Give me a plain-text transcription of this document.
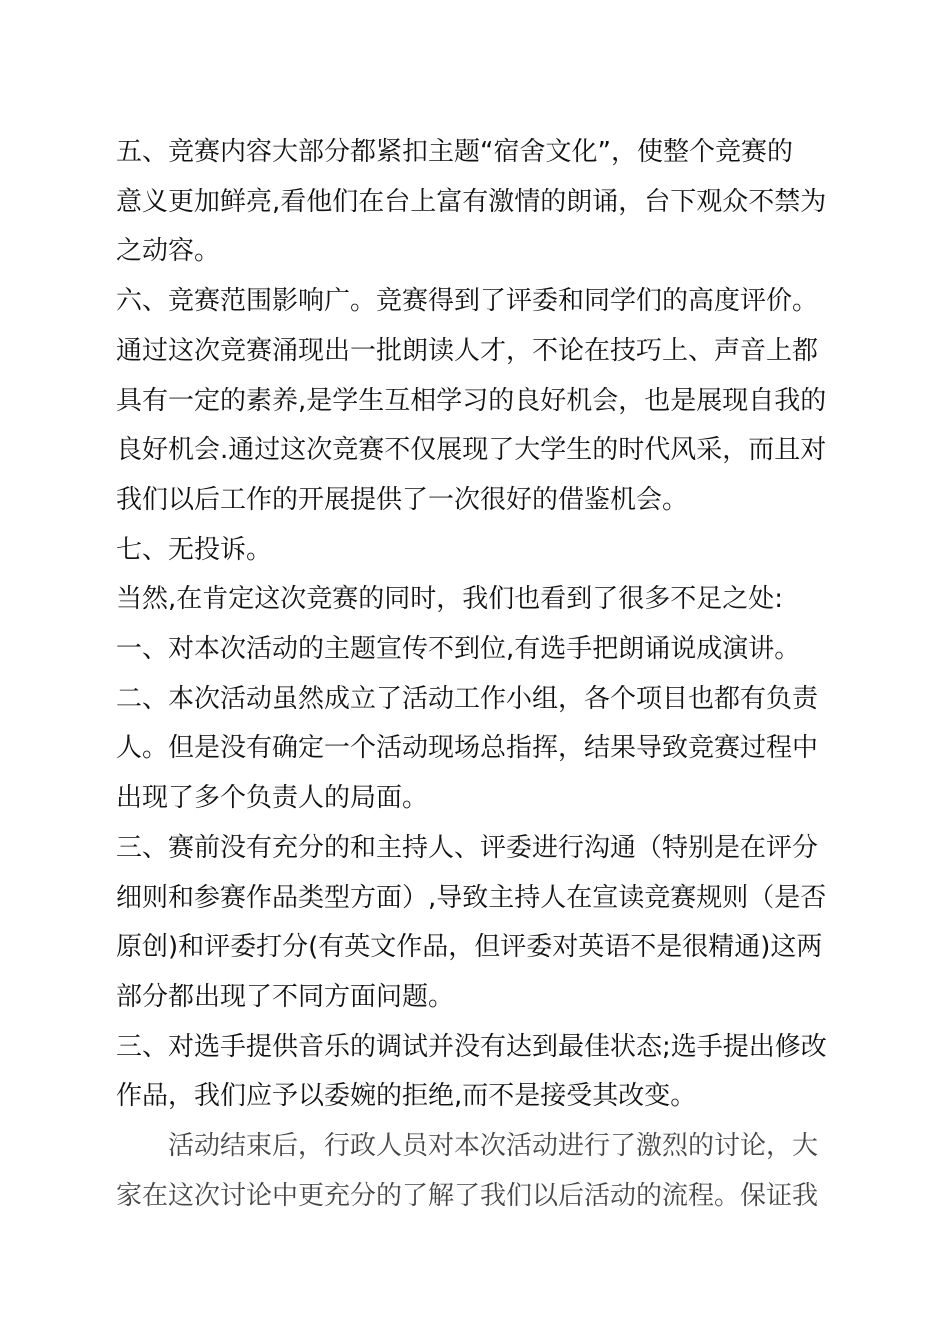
五、竞赛内容大部分都紧扣主题“宿舍文化”，使整个竞赛的

意义更加鲜亮,看他们在台上富有激情的朗诵，台下观众不禁为

之动容。

六、竞赛范围影响广。竞赛得到了评委和同学们的高度评价。

通过这次竞赛涌现出一批朗读人才，不论在技巧上、声音上都

具有一定的素养,是学生互相学习的良好机会，也是展现自我的

良好机会.通过这次竞赛不仅展现了大学生的时代风采，而且对

我们以后工作的开展提供了一次很好的借鉴机会。

七、无投诉。

当然,在肯定这次竞赛的同时，我们也看到了很多不足之处:

一、对本次活动的主题宣传不到位,有选手把朗诵说成演讲。

二、本次活动虽然成立了活动工作小组，各个项目也都有负责

人。但是没有确定一个活动现场总指挥，结果导致竞赛过程中

出现了多个负责人的局面。

三、赛前没有充分的和主持人、评委进行沟通（特别是在评分

细则和参赛作品类型方面）,导致主持人在宣读竞赛规则（是否

原创)和评委打分(有英文作品，但评委对英语不是很精通)这两

部分都出现了不同方面问题。

三、对选手提供音乐的调试并没有达到最佳状态;选手提出修改

作品，我们应予以委婉的拒绝,而不是接受其改变。

活动结束后，行政人员对本次活动进行了激烈的讨论，大

家在这次讨论中更充分的了解了我们以后活动的流程。保证我
